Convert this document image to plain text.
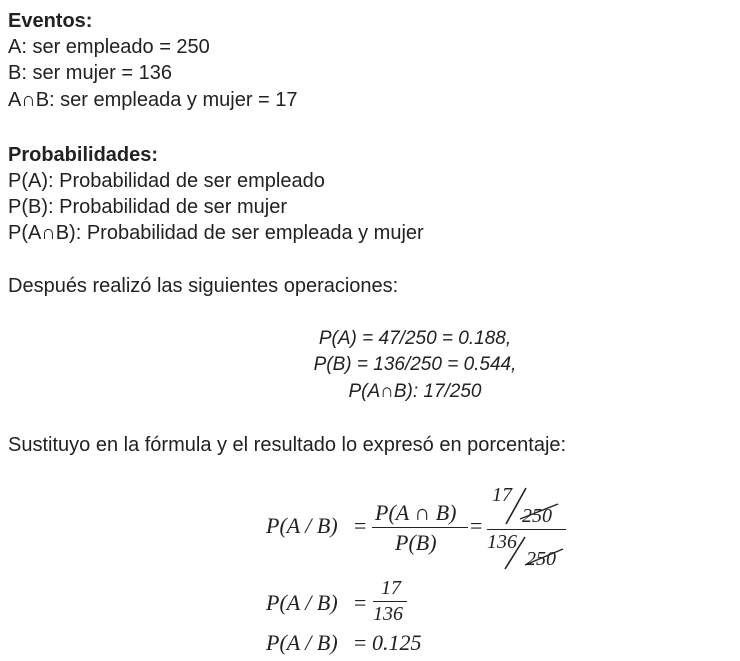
Eventos:
A: ser empleado = 250
B: ser mujer = 136
A∩B: ser empleada y mujer = 17
Probabilidades:
P(A): Probabilidad de ser empleado
P(B): Probabilidad de ser mujer
P(A∩B): Probabilidad de ser empleada y mujer
Después realizó las siguientes operaciones:
P(A) = 47/250 = 0.188,
P(B) = 136/250 = 0.544,
P(A∩B): 17/250
Sustituyo en la fórmula y el resultado lo expresó en porcentaje:
P(A / B) =
P(A ∩ B)
P(B)
=
17
250
136
250
P(A / B) =
17
136
P(A / B) = 0.125
